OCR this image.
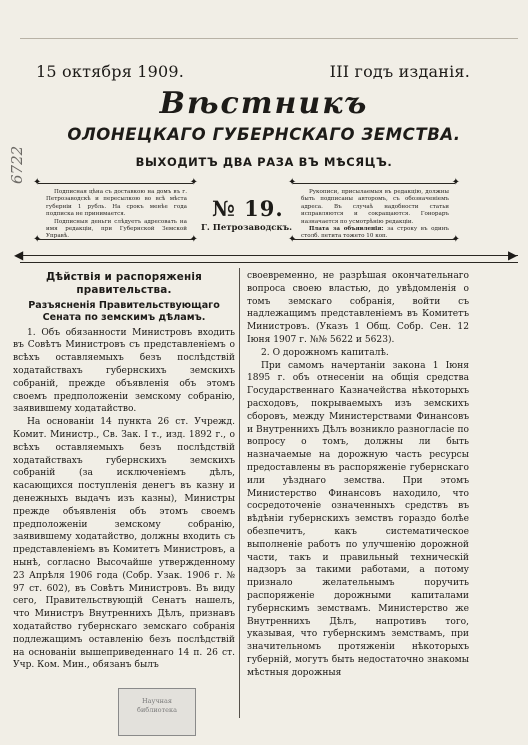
15 октября 1909.	III годъ изданія.
Вѣстникъ
ОЛОНЕЦКАГО ГУБЕРНСКАГО ЗЕМСТВА.
ВЫХОДИТЪ ДВА РАЗА ВЪ МѢСЯЦЪ.
6722 ✦	✦
✦	✦

Подписная цѣна съ доставкою на домъ въ г. Петрозаводскѣ и пересылкою во всѣ мѣста губерніи 1 рубль. На срокъ менѣе года подписка не принимается.

Подписныя деньги слѣдуетъ адресовать на имя редакціи, при Губернской Земской Управѣ.

№ 19.
Г. Петрозаводскъ.
✦	✦
✦	✦

Рукописи, присылаемыя въ редакцію, должны быть подписаны авторомъ, съ обозначеніемъ адреса. Въ случаѣ надобности статьи исправляются и сокращаются. Гонораръ назначается по усмотрѣнію редакціи.

Плата за объявленія: за строку въ одинъ столб. петита тожето 10 коп.

◀	▶
Дѣйствія и распоряженія правительства.
Разъясненія Правительствующаго Сената по земскимъ дѣламъ.

1. Объ обязанности Министровъ входить въ Совѣтъ Министровъ съ представленіемъ о всѣхъ оставляемыхъ безъ послѣдствій ходатайствахъ губернскихъ земскихъ собраній, прежде объявленія объ этомъ своемъ предположеніи земскому собранію, заявившему ходатайство.

На основаніи 14 пункта 26 ст. Учрежд. Комит. Министр., Св. Зак. I т., изд. 1892 г., о всѣхъ оставляемыхъ безъ послѣдствій ходатайствахъ губернскихъ земскихъ собраній (за исключеніемъ дѣлъ, касающихся поступленія денегъ въ казну и денежныхъ выдачъ изъ казны), Министры прежде объявленія объ этомъ своемъ предположеніи земскому собранію, заявившему ходатайство, должны входить съ представленіемъ въ Комитетъ Министровъ, а нынѣ, согласно Высочайше утвержденному 23 Апрѣля 1906 года (Собр. Узак. 1906 г. № 97 ст. 602), въ Совѣтъ Министровъ. Въ виду сего, Правительствующій Сенатъ нашелъ, что Министръ Внутреннихъ Дѣлъ, признавъ ходатайство губернскаго земскаго собранія подлежащимъ оставленію безъ послѣдствій на основаніи вышеприведеннаго 14 п. 26 ст. Учр. Ком. Мин., обязанъ былъ

своевременно, не разрѣшая окончательнаго вопроса своею властью, до увѣдомленія о томъ земскаго собранія, войти съ надлежащимъ представленіемъ въ Комитетъ Министровъ. (Указъ 1 Общ. Собр. Сен. 12 Іюня 1907 г. №№ 5622 и 5623).

2. О дорожномъ капиталѣ.

При самомъ начертаніи закона 1 Іюня 1895 г. объ отнесеніи на общія средства Государственнаго Казначейства нѣкоторыхъ расходовъ, покрываемыхъ изъ земскихъ сборовъ, между Министерствами Финансовъ и Внутреннихъ Дѣлъ возникло разногласіе по вопросу о томъ, должны ли быть назначаемые на дорожную часть ресурсы предоставлены въ распоряженіе губернскаго или уѣзднаго земства. При этомъ Министерство Финансовъ находило, что сосредоточеніе означенныхъ средствъ въ вѣдѣніи губернскихъ земствъ гораздо болѣе обезпечитъ, какъ систематическое выполненіе работъ по улучшенію дорожной части, такъ и правильный техническій надзоръ за такими работами, а потому признало желательнымъ поручить распоряженіе дорожными капиталами губернскимъ земствамъ. Министерство же Внутреннихъ Дѣлъ, напротивъ того, указывая, что губернскимъ земствамъ, при значительномъ протяженіи нѣкоторыхъ губерній, могутъ быть недостаточно знакомы мѣстныя дорожныя

Научная
библиотека
